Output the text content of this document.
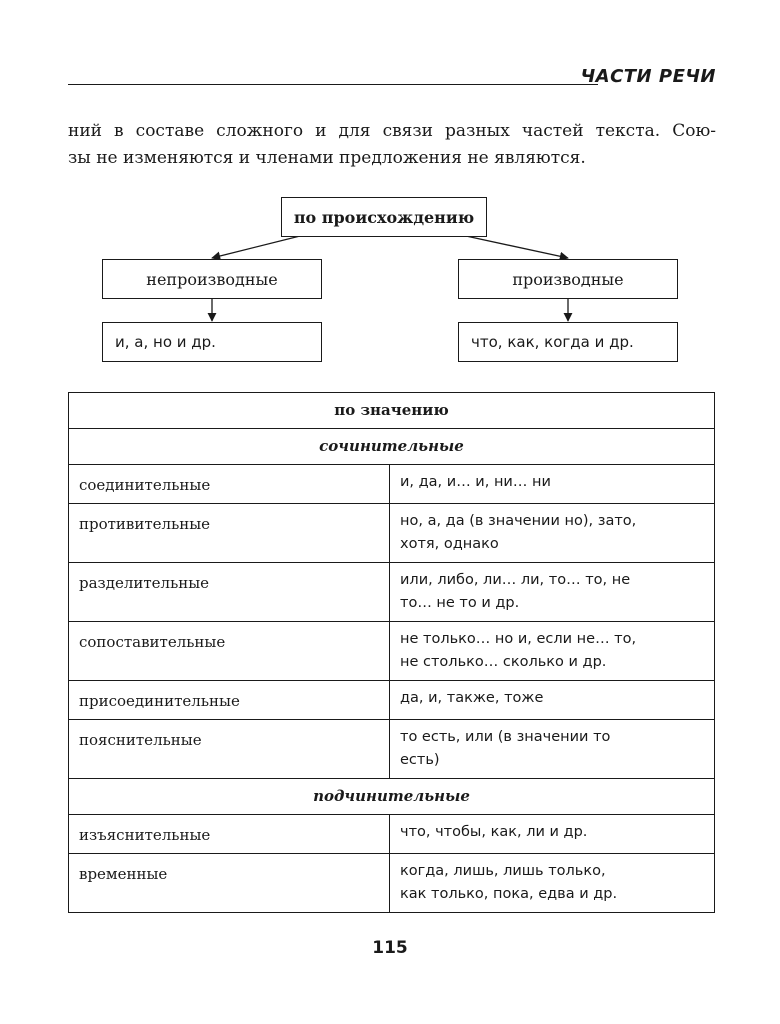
ЧАСТИ РЕЧИ
ний в составе сложного и для связи разных частей текста. Сою-
зы не изменяются и членами предложения не являются.
по происхождению
непроизводные	производные
и, а, но и др.	что, как, когда и др.
по значению	
сочинительные	
соединительные	и, да, и… и, ни… ни

противительные	но, а, да (в значении но), зато,
хотя, однако

разделительные	или, либо, ли… ли, то… то, не
то… не то и др.

сопоставительные	не только… но и, если не… то,
не столько… сколько и др.

присоединительные	да, и, также, тоже

пояснительные	то есть, или (в значении то
есть)

подчинительные	
изъяснительные	что, чтобы, как, ли и др.

временные	когда, лишь, лишь только,
как только, пока, едва и др.
115
